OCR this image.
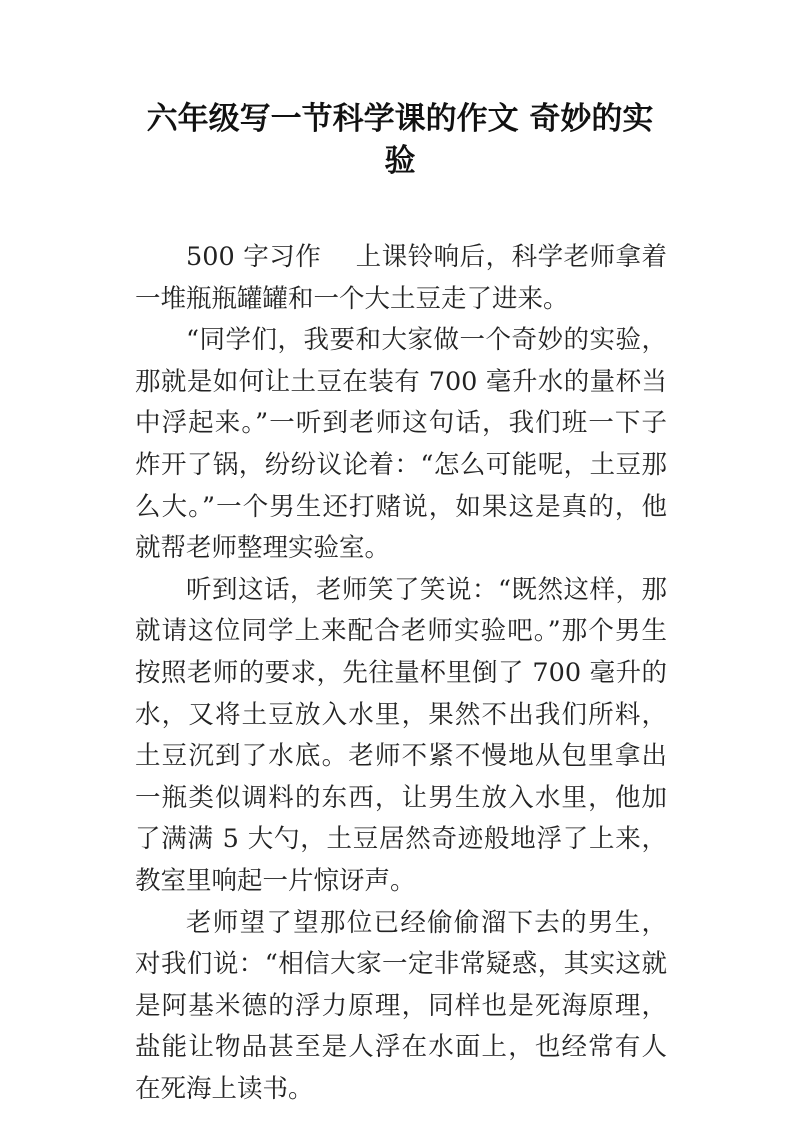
六年级写一节科学课的作文 奇妙的实
验

500 字习作　 上课铃响后，科学老师拿着一堆瓶瓶罐罐和一个大土豆走了进来。

“同学们，我要和大家做一个奇妙的实验，那就是如何让土豆在装有 700 毫升水的量杯当中浮起来。”一听到老师这句话，我们班一下子炸开了锅，纷纷议论着：“怎么可能呢，土豆那么大。”一个男生还打赌说，如果这是真的，他就帮老师整理实验室。

听到这话，老师笑了笑说：“既然这样，那就请这位同学上来配合老师实验吧。”那个男生按照老师的要求，先往量杯里倒了 700 毫升的水，又将土豆放入水里，果然不出我们所料，土豆沉到了水底。老师不紧不慢地从包里拿出一瓶类似调料的东西，让男生放入水里，他加了满满 5 大勺，土豆居然奇迹般地浮了上来，教室里响起一片惊讶声。

老师望了望那位已经偷偷溜下去的男生，对我们说：“相信大家一定非常疑惑，其实这就是阿基米德的浮力原理，同样也是死海原理，盐能让物品甚至是人浮在水面上，也经常有人在死海上读书。
